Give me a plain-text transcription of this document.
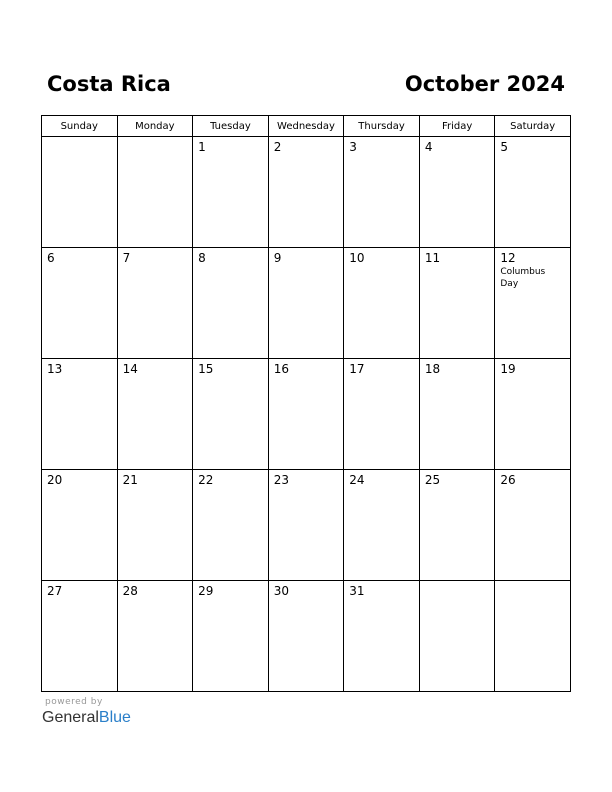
Costa Rica	October 2024
Sunday	Monday	Tuesday	Wednesday	Thursday	Friday	Saturday

		1	2	3	4	5

6	7	8	9	10	11	12
Columbus Day

13	14	15	16	17	18	19

20	21	22	23	24	25	26

27	28	29	30	31		

powered by
GeneralBlue
